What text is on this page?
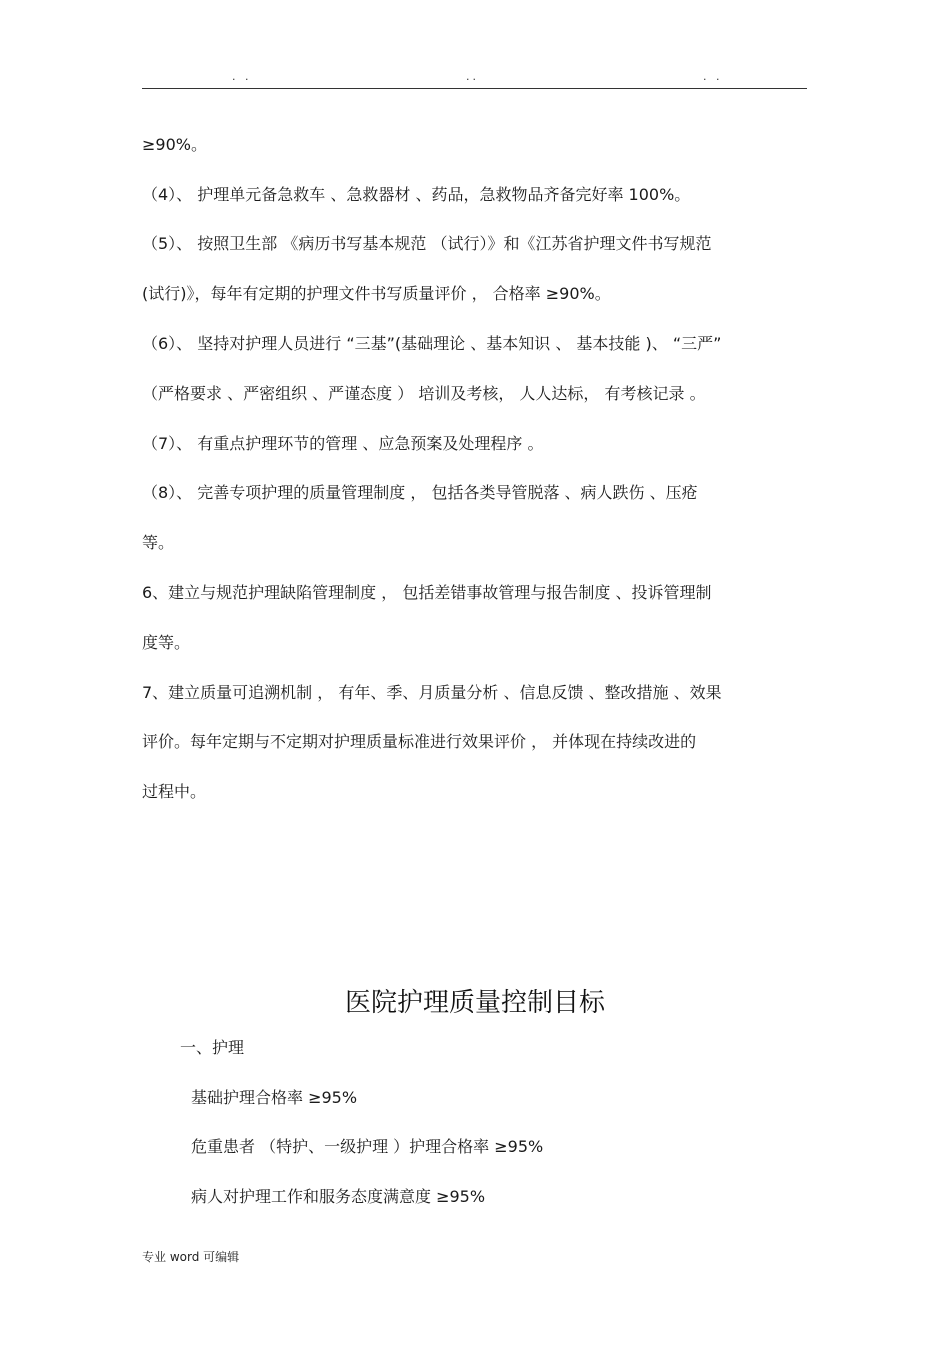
. .	..	. .
≥90%。
（4）、 护理单元备急救车 、急救器材 、药品，急救物品齐备完好率 100%。
（5）、 按照卫生部 《病历书写基本规范 （试行）》和《江苏省护理文件书写规范
(试行)》，每年有定期的护理文件书写质量评价 ， 合格率 ≥90%。
（6）、 坚持对护理人员进行 “三基”(基础理论 、基本知识 、 基本技能 )、 “三严”
（严格要求 、严密组织 、严谨态度 ） 培训及考核， 人人达标， 有考核记录 。
（7）、 有重点护理环节的管理 、应急预案及处理程序 。
（8）、 完善专项护理的质量管理制度 ， 包括各类导管脱落 、病人跌伤 、压疮
等。
6、建立与规范护理缺陷管理制度 ， 包括差错事故管理与报告制度 、投诉管理制
度等。
7、建立质量可追溯机制 ， 有年、季、月质量分析 、信息反馈 、整改措施 、效果
评价。每年定期与不定期对护理质量标准进行效果评价 ， 并体现在持续改进的
过程中。
医院护理质量控制目标
一、护理
基础护理合格率 ≥95%
危重患者 （特护、一级护理 ）护理合格率 ≥95%
病人对护理工作和服务态度满意度 ≥95%
专业 word 可编辑
